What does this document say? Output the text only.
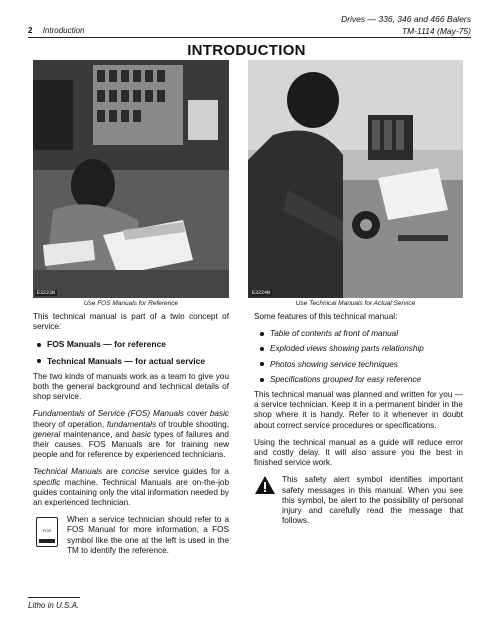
Drives — 336, 346 and 466 Balers
TM-1114 (May-75)
2 Introduction
INTRODUCTION
E3223N
Use FOS Manuals for Reference
E3224N
Use Technical Manuals for Actual Service

This technical manual is part of a twin concept of service:

FOS Manuals — for reference
Technical Manuals — for actual service

The two kinds of manuals work as a team to give you both the general background and technical details of shop service.

Fundamentals of Service (FOS) Manuals cover basic theory of operation, fundamentals of trouble shooting, general maintenance, and basic types of failures and their causes. FOS Manuals are for training new people and for reference by experienced technicians.

Technical Manuals are concise service guides for a specific machine. Technical Manuals are on-the-job guides containing only the vital information needed by an experienced technician.

FOS

When a service technician should refer to a FOS Manual for more information, a FOS symbol like the one at the left is used in the TM to identify the reference.

Some features of this technical manual:

Table of contents at front of manual
Exploded views showing parts relationship
Photos showing service techniques
Specifications grouped for easy reference

This technical manual was planned and written for you — a service technician. Keep it in a permanent binder in the shop where it is handy. Refer to it whenever in doubt about correct service procedures or specifications.

Using the technical manual as a guide will reduce error and costly delay. It will also assure you the best in finished service work.

This safety alert symbol identifies important safety messages in this manual. When you see this symbol, be alert to the possibility of personal injury and carefully read the message that follows.

Litho in U.S.A.
